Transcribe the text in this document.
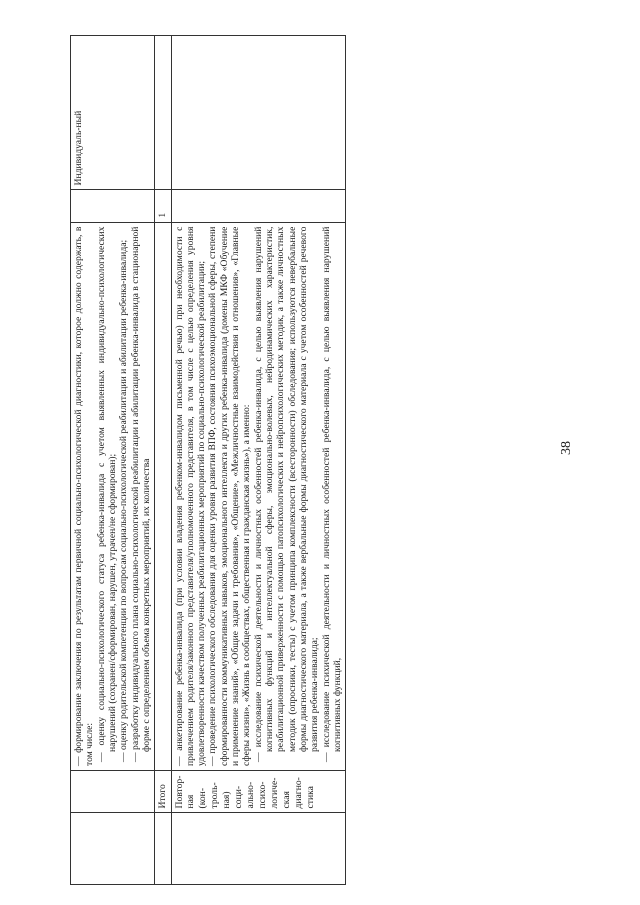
38

		— формирование заключения по результатам первичной социально-психологической диагностики, которое должно содержать, в том числе: — оценку социально-психологического статуса ребенка-инвалида с учетом выявленных индивидуально-психологических нарушений (сохранен/сформирован, нарушен, утрачен/не сформирован); — оценку родительской компетенции по вопросам социально-психологической реабилитации и абилитации ребенка-инвалида; — разработку индивидуального плана социально-психологической реабилитации и абилитации ребенка-инвалида в стационарной форме с определением объема конкретных мероприятий, их количества		Индивидуаль-ный
	Итого		1	
	Повтор-ная (кон-троль-ная) соци-ально-психо-логиче-ская диагно-стика	— анкетирование ребенка-инвалида (при условии владения ребенком-инвалидом письменной речью) при необходимости с привлечением родителя/законного представителя/уполномоченного представителя, в том числе с целью определения уровня удовлетворенности качеством полученных реабилитационных мероприятий по социально-психологической реабилитации; — проведение психологического обследования для оценки уровня развития ВПФ, состояния психоэмоциональной сферы, степени сформированности коммуникативных навыков, эмоционального интеллекта и других ребенка-инвалида (домены МКФ «Обучение и применение знаний», «Общие задачи и требования», «Общение», «Межличностные взаимодействия и отношения», «Главные сферы жизни», «Жизнь в сообществах, общественная и гражданская жизнь»), а именно: — исследование психической деятельности и личностных особенностей ребенка-инвалида, с целью выявления нарушений когнитивных функций и интеллектуальной сферы, эмоционально-волевых, нейродинамических характеристик, реабилитационной приверженности с помощью патопсихологических и нейропсихологических методик, а также личностных методик (опросники, тесты) с учетом принципа комплексности (всесторонности) обследования; используются невербальные формы диагностического материала, а также вербальные формы диагностического материала с учетом особенностей речевого развития ребенка-инвалида; — исследование психической деятельности и личностных особенностей ребенка-инвалида, с целью выявления нарушений когнитивных функций,		
